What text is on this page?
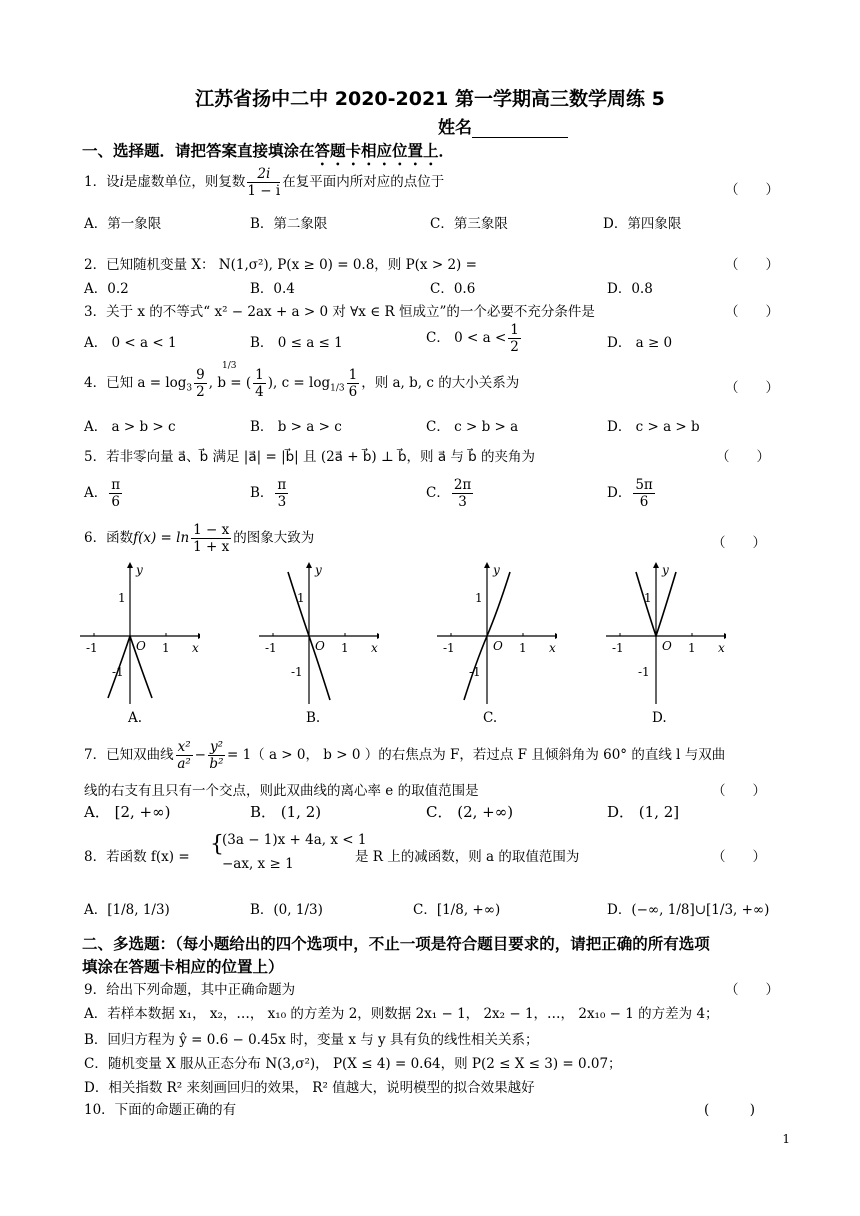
江苏省扬中二中 2020-2021 第一学期高三数学周练 5
姓名
一、选择题．请把答案直接填涂在答题卡相应位置上．
1．设i是虚数单位，则复数 $\frac{2i}{1 - i}$ 在复平面内所对应的点位于	（　　）
A．第一象限	B．第二象限	C．第三象限	D．第四象限
2．已知随机变量 X： N(1,σ²), P(x ≥ 0) = 0.8，则 P(x > 2) =	（　　）
A．0.2	B．0.4	C．0.6	D．0.8
3．关于 x 的不等式“ x² − 2ax + a > 0 对 ∀x ∈ R 恒成立”的一个必要不充分条件是	（　　）
A． 0 < a < 1	B． 0 ≤ a ≤ 1	C． $0 < a < \frac{1}{2}$	D． a ≥ 0
4．已知 $a = \log_3 \frac{9}{2}$ , b = ( $\frac{1}{4}$ ), $c = \log_{1/3} \frac{1}{6}$ ，则 a, b, c 的大小关系为
1/3
（　　）
A． a > b > c	B． b > a > c	C． c > b > a	D． c > a > b
5．若非零向量 a⃗、b⃗ 满足 |a⃗| = |b⃗| 且 (2a⃗ + b⃗) ⊥ b⃗，则 a⃗ 与 b⃗ 的夹角为	（　　）
A． $\frac{\pi}{6}$	B． $\frac{\pi}{3}$	C． $\frac{2\pi}{3}$	D． $\frac{5\pi}{6}$
6．函数$f(x) = \ln \frac{1 - x}{1 + x}$ 的图象大致为	（　　）
y
x
O 1
-1
1
-1
y
x
O 1
-1
1
-1
y
x
O 1
-1
1
-1
y
x
O 1
-1
1
-1
A.	B.	C.	D.
7．已知双曲线 $\frac{\text{x²}}{\text{a²}} - \frac{\text{y²}}{\text{b²}} = 1$（ a > 0， b > 0 ）的右焦点为 F，若过点 F 且倾斜角为 60° 的直线 l 与双曲
线的右支有且只有一个交点，则此双曲线的离心率 e 的取值范围是	（　　）
A． [2, +∞)	B． (1, 2)	C． (2, +∞)	D． (1, 2]
8．若函数 f(x) = {
(3a − 1)x + 4a, x < 1
−ax, x ≥ 1	是 R 上的减函数，则 a 的取值范围为	（　　）
A．[1/8, 1/3)	B．(0, 1/3)	C．[1/8, +∞)	D．(−∞, 1/8]∪[1/3, +∞)
二、多选题：（每小题给出的四个选项中，不止一项是符合题目要求的，请把正确的所有选项
填涂在答题卡相应的位置上）
9．给出下列命题，其中正确命题为	（　　）
A．若样本数据 x₁， x₂，…， x₁₀ 的方差为 2，则数据 2x₁ − 1， 2x₂ − 1，…， 2x₁₀ − 1 的方差为 4；
B．回归方程为 ŷ = 0.6 − 0.45x 时，变量 x 与 y 具有负的线性相关关系；
C．随机变量 X 服从正态分布 N(3,σ²)， P(X ≤ 4) = 0.64，则 P(2 ≤ X ≤ 3) = 0.07；
D．相关指数 R² 来刻画回归的效果， R² 值越大，说明模型的拟合效果越好
10．下面的命题正确的有	(　　　)
1
